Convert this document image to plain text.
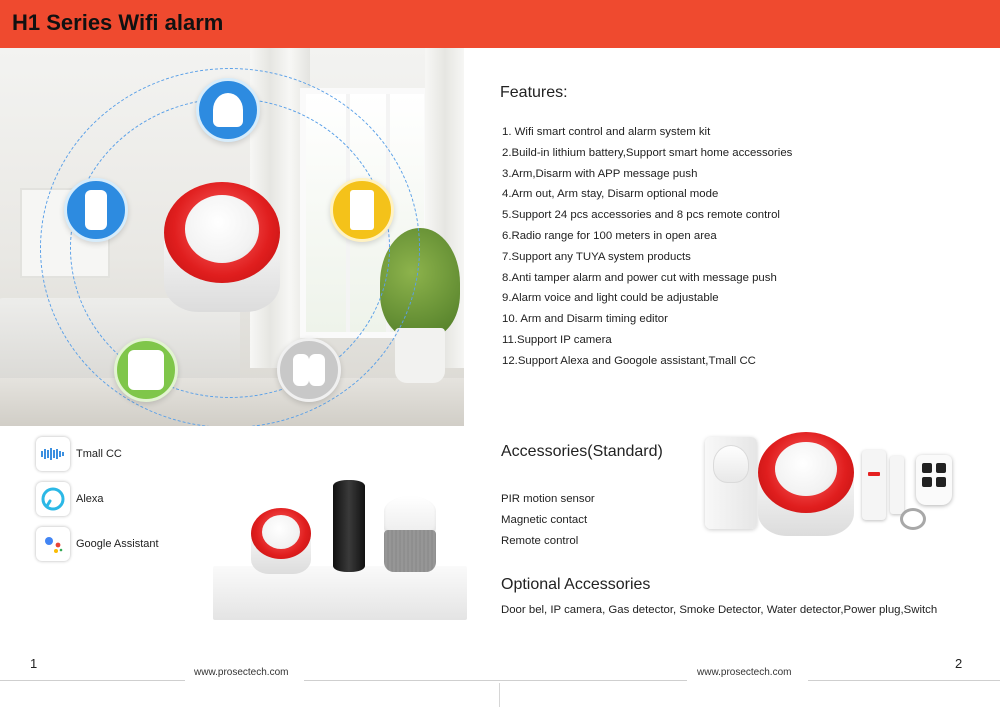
H1 Series Wifi alarm
Tmall CC
Alexa
Google Assistant
Features:
1. Wifi smart control and alarm system kit
2.Build-in lithium battery,Support smart home accessories
3.Arm,Disarm with APP message push
4.Arm out, Arm stay, Disarm optional mode
5.Support 24 pcs accessories and 8 pcs remote control
6.Radio range for 100 meters in open area
7.Support any TUYA system products
8.Anti tamper alarm and power cut with message push
9.Alarm voice and light could be adjustable
10. Arm and Disarm timing editor
11.Support IP camera
12.Support Alexa and Googole assistant,Tmall CC
Accessories(Standard)
PIR motion sensor
Magnetic contact
Remote control
Optional Accessories
Door bel, IP camera, Gas detector, Smoke Detector, Water detector,Power plug,Switch
1	2
www.prosectech.com	www.prosectech.com
